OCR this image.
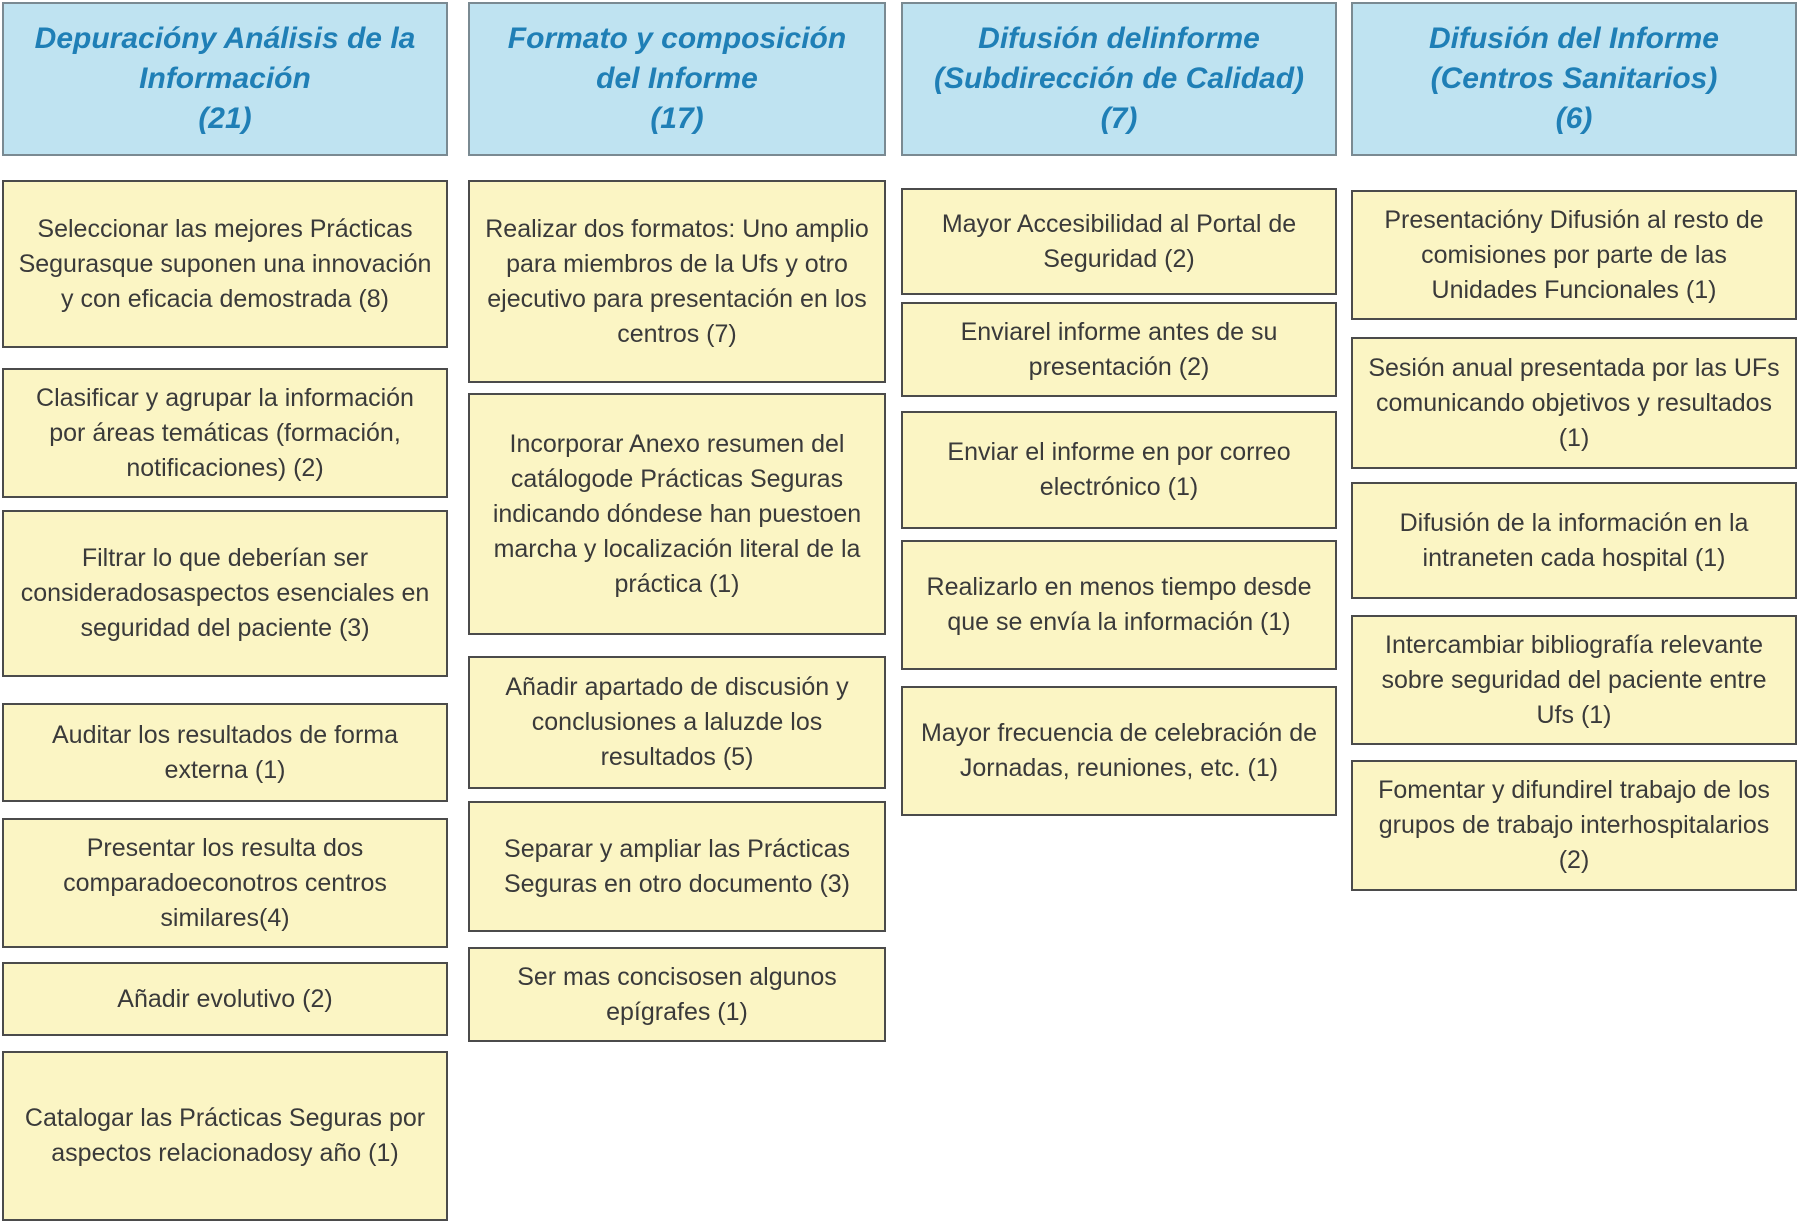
Depuracióny Análisis de la
Información
(21)
Seleccionar las mejores Prácticas Segurasque suponen una innovación y con eficacia demostrada (8)
Clasificar y agrupar la información por áreas temáticas (formación, notificaciones) (2)
Filtrar lo que deberían ser consideradosaspectos esenciales en seguridad del paciente (3)
Auditar los resultados de forma externa (1)
Presentar los resulta dos comparadoeconotros centros similares(4)
Añadir evolutivo (2)
Catalogar las Prácticas Seguras por aspectos relacionadosy año (1)
Formato y composición
del Informe
(17)
Realizar dos formatos: Uno amplio para miembros de la Ufs y otro ejecutivo para presentación en los centros (7)
Incorporar Anexo resumen del catálogode Prácticas Seguras indicando dóndese han puestoen marcha y localización literal de la práctica (1)
Añadir apartado de discusión y conclusiones a laluzde los resultados (5)
Separar y ampliar las Prácticas Seguras en otro documento (3)
Ser mas concisosen algunos epígrafes (1)
Difusión delinforme
(Subdirección de Calidad)
(7)
Mayor Accesibilidad al Portal de Seguridad (2)
Enviarel informe antes de su presentación (2)
Enviar el informe en por correo electrónico (1)
Realizarlo en menos tiempo desde que se envía la información (1)
Mayor frecuencia de celebración de Jornadas, reuniones, etc. (1)
Difusión del Informe
(Centros Sanitarios)
(6)
Presentacióny Difusión al resto de comisiones por parte de las Unidades Funcionales (1)
Sesión anual presentada por las UFs comunicando objetivos y resultados (1)
Difusión de la información en la intraneten cada hospital (1)
Intercambiar bibliografía relevante sobre seguridad del paciente entre Ufs (1)
Fomentar y difundirel trabajo de los grupos de trabajo interhospitalarios (2)
